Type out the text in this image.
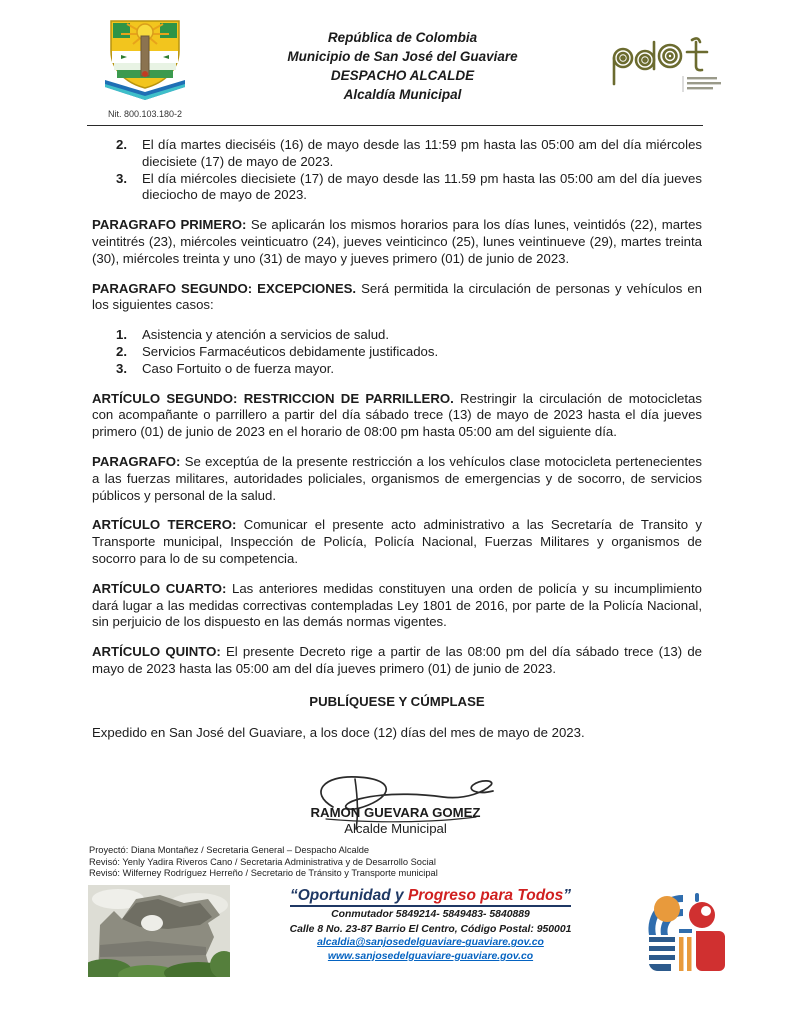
Nit. 800.103.180-2
República de Colombia
Municipio de San José del Guaviare
DESPACHO ALCALDE
Alcaldía Municipal
2.	El día martes dieciséis (16) de mayo desde las 11:59 pm hasta las 05:00 am del día miércoles diecisiete (17) de mayo de 2023.
3.	El día miércoles diecisiete (17) de mayo desde las 11.59 pm hasta las 05:00 am del día jueves dieciocho de mayo de 2023.

PARAGRAFO PRIMERO: Se aplicarán los mismos horarios para los días lunes, veintidós (22), martes veintitrés (23), miércoles veinticuatro (24), jueves veinticinco (25), lunes veintinueve (29), martes treinta (30), miércoles treinta y uno (31) de mayo y jueves primero (01) de junio de 2023.

PARAGRAFO SEGUNDO: EXCEPCIONES. Será permitida la circulación de personas y vehículos en los siguientes casos:

1.	Asistencia y atención a servicios de salud.
2.	Servicios Farmacéuticos debidamente justificados.
3.	Caso Fortuito o de fuerza mayor.

ARTÍCULO SEGUNDO: RESTRICCION DE PARRILLERO. Restringir la circulación de motocicletas con acompañante o parrillero a partir del día sábado trece (13) de mayo de 2023 hasta el día jueves primero (01) de junio de 2023 en el horario de 08:00 pm hasta 05:00 am del siguiente día.

PARAGRAFO: Se exceptúa de la presente restricción a los vehículos clase motocicleta pertenecientes a las fuerzas militares, autoridades policiales, organismos de emergencias y de socorro, de servicios públicos y personal de la salud.

ARTÍCULO TERCERO: Comunicar el presente acto administrativo a las Secretaría de Transito y Transporte municipal, Inspección de Policía, Policía Nacional, Fuerzas Militares y organismos de socorro para lo de su competencia.

ARTÍCULO CUARTO: Las anteriores medidas constituyen una orden de policía y su incumplimiento dará lugar a las medidas correctivas contempladas Ley 1801 de 2016, por parte de la Policía Nacional, sin perjuicio de los dispuesto en las demás normas vigentes.

ARTÍCULO QUINTO: El presente Decreto rige a partir de las 08:00 pm del día sábado trece (13) de mayo de 2023 hasta las 05:00 am del día jueves primero (01) de junio de 2023.

PUBLÍQUESE Y CÚMPLASE

Expedido en San José del Guaviare, a los doce (12) días del mes de mayo de 2023.

RAMON GUEVARA GOMEZ
Alcalde Municipal
Proyectó: Diana Montañez / Secretaria General – Despacho Alcalde
Revisó: Yenly Yadira Riveros Cano / Secretaria Administrativa y de Desarrollo Social
Revisó: Wilferney Rodríguez Herreño / Secretario de Tránsito y Transporte municipal
“Oportunidad y Progreso para Todos”
Conmutador 5849214- 5849483- 5840889
Calle 8 No. 23-87 Barrio El Centro, Código Postal: 950001
alcaldia@sanjosedelguaviare-guaviare.gov.co
www.sanjosedelguaviare-guaviare.gov.co
